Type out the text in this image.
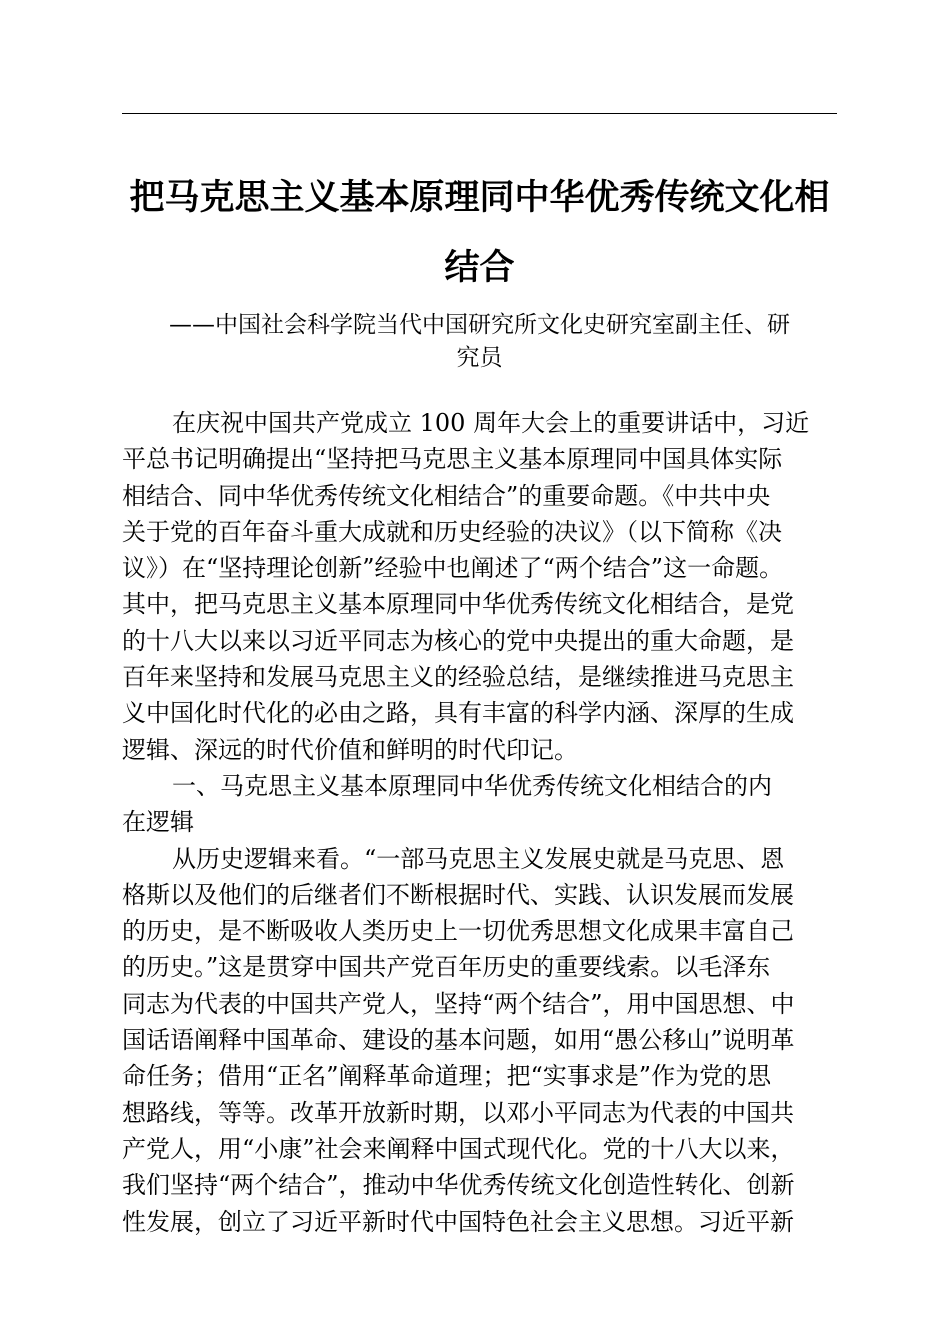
把马克思主义基本原理同中华优秀传统文化相
结合
——中国社会科学院当代中国研究所文化史研究室副主任、研
究员
在庆祝中国共产党成立 100 周年大会上的重要讲话中，习近
平总书记明确提出“坚持把马克思主义基本原理同中国具体实际
相结合、同中华优秀传统文化相结合”的重要命题。《中共中央
关于党的百年奋斗重大成就和历史经验的决议》（以下简称《决
议》）在“坚持理论创新”经验中也阐述了“两个结合”这一命题。
其中，把马克思主义基本原理同中华优秀传统文化相结合，是党
的十八大以来以习近平同志为核心的党中央提出的重大命题，是
百年来坚持和发展马克思主义的经验总结，是继续推进马克思主
义中国化时代化的必由之路，具有丰富的科学内涵、深厚的生成
逻辑、深远的时代价值和鲜明的时代印记。
一、马克思主义基本原理同中华优秀传统文化相结合的内
在逻辑
从历史逻辑来看。“一部马克思主义发展史就是马克思、恩
格斯以及他们的后继者们不断根据时代、实践、认识发展而发展
的历史，是不断吸收人类历史上一切优秀思想文化成果丰富自己
的历史。”这是贯穿中国共产党百年历史的重要线索。以毛泽东
同志为代表的中国共产党人，坚持“两个结合”，用中国思想、中
国话语阐释中国革命、建设的基本问题，如用“愚公移山”说明革
命任务；借用“正名”阐释革命道理；把“实事求是”作为党的思
想路线，等等。改革开放新时期，以邓小平同志为代表的中国共
产党人，用“小康”社会来阐释中国式现代化。党的十八大以来，
我们坚持“两个结合”，推动中华优秀传统文化创造性转化、创新
性发展，创立了习近平新时代中国特色社会主义思想。习近平新
